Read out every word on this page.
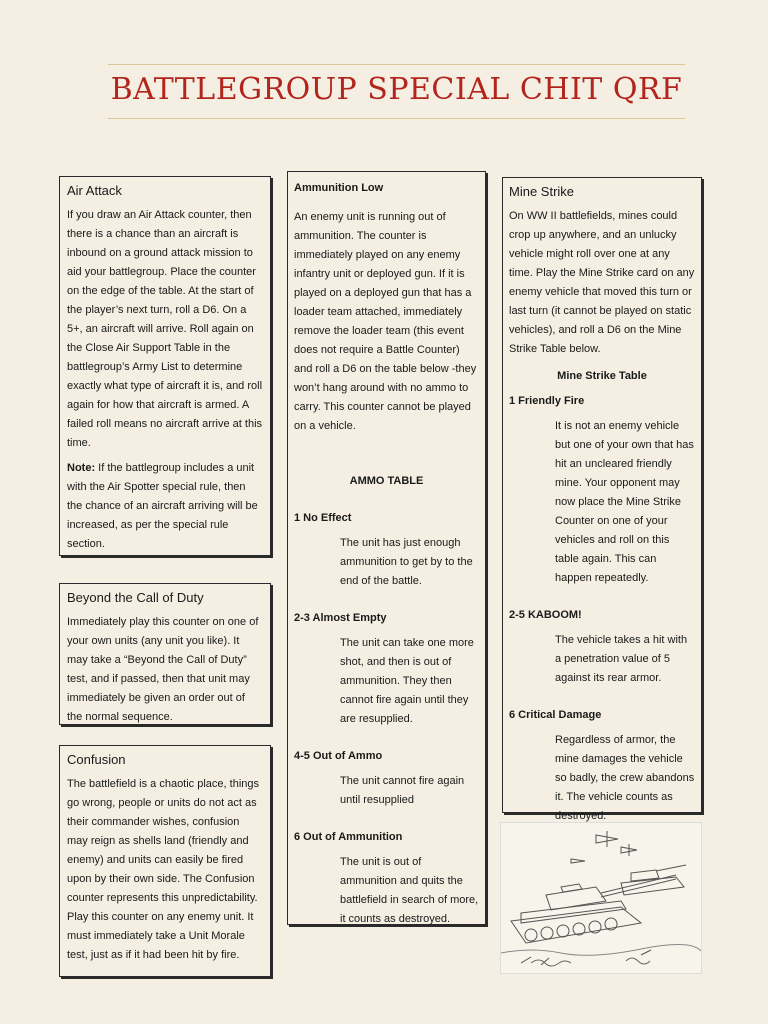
BATTLEGROUP SPECIAL CHIT QRF
Air Attack

If you draw an Air Attack counter, then there is a chance than an aircraft is inbound on a ground attack mission to aid your battlegroup. Place the counter on the edge of the table. At the start of the player’s next turn, roll a D6. On a 5+, an aircraft will arrive. Roll again on the Close Air Support Table in the battlegroup’s Army List to determine exactly what type of aircraft it is, and roll again for how that aircraft is armed. A failed roll means no aircraft arrive at this time.

Note: If the battlegroup includes a unit with the Air Spotter special rule, then the chance of an aircraft arriving will be increased, as per the special rule section.

Beyond the Call of Duty

Immediately play this counter on one of your own units (any unit you like). It may take a “Beyond the Call of Duty” test, and if passed, then that unit may immediately be given an order out of the normal sequence.

Confusion

The battlefield is a chaotic place, things go wrong, people or units do not act as their commander wishes, confusion may reign as shells land (friendly and enemy) and units can easily be fired upon by their own side. The Confusion counter represents this unpredictability. Play this counter on any enemy unit. It must immediately take a Unit Morale test, just as if it had been hit by fire.

Ammunition Low

An enemy unit is running out of ammunition. The counter is immediately played on any enemy infantry unit or deployed gun. If it is played on a deployed gun that has a loader team attached, immediately remove the loader team (this event does not require a Battle Counter) and roll a D6 on the table below -they won’t hang around with no ammo to carry. This counter cannot be played on a vehicle.

AMMO TABLE

1 No Effect

The unit has just enough ammunition to get by to the end of the battle.

2-3 Almost Empty

The unit can take one more shot, and then is out of ammunition. They then cannot fire again until they are resupplied.

4-5 Out of Ammo

The unit cannot fire again until resupplied

6 Out of Ammunition

The unit is out of ammunition and quits the battlefield in search of more, it counts as destroyed.

Mine Strike

On WW II battlefields, mines could crop up anywhere, and an unlucky vehicle might roll over one at any time. Play the Mine Strike card on any enemy vehicle that moved this turn or last turn (it cannot be played on static vehicles), and roll a D6 on the Mine Strike Table below.

Mine Strike Table

1 Friendly Fire

It is not an enemy vehicle but one of your own that has hit an uncleared friendly mine. Your opponent may now place the Mine Strike Counter on one of your vehicles and roll on this table again. This can happen repeatedly.

2-5 KABOOM!

The vehicle takes a hit with a penetration value of 5 against its rear armor.

6 Critical Damage

Regardless of armor, the mine damages the vehicle so badly, the crew abandons it. The vehicle counts as destroyed.
